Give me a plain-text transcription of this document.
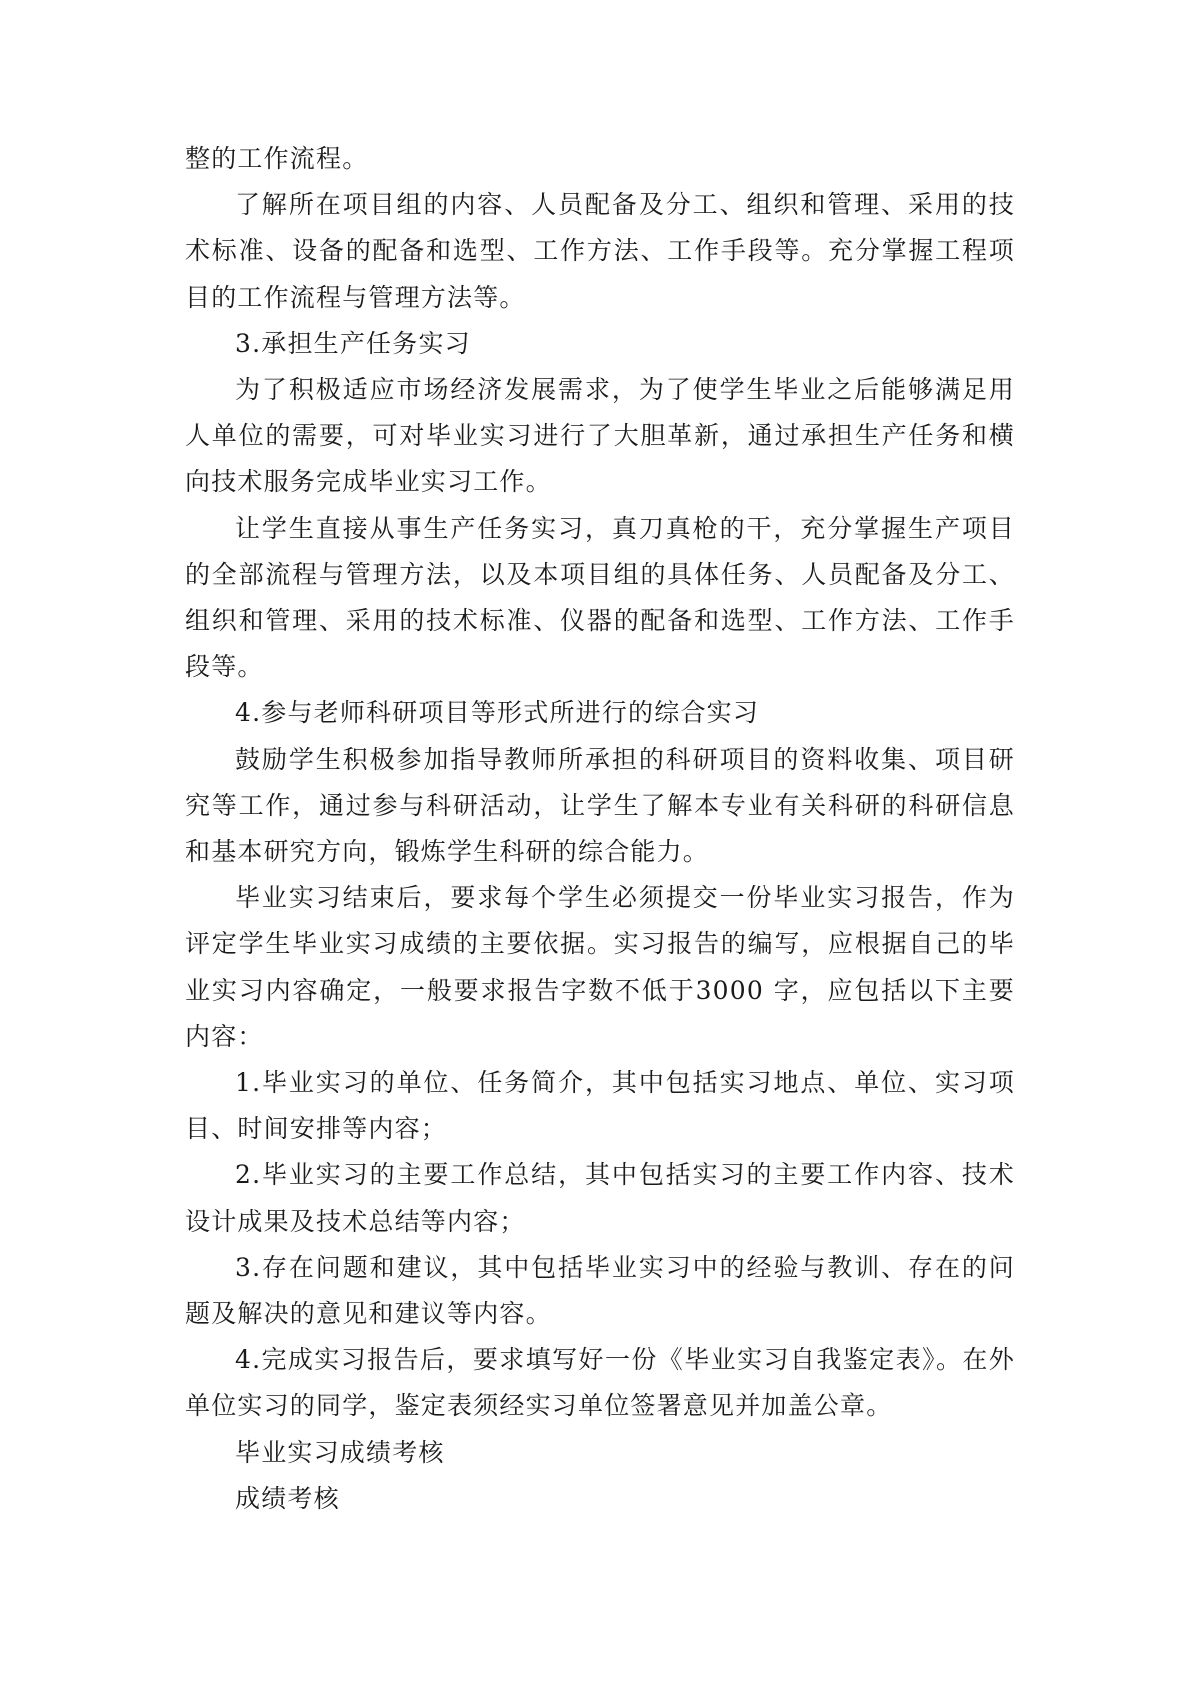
整的工作流程。

了解所在项目组的内容、人员配备及分工、组织和管理、采用的技术标准、设备的配备和选型、工作方法、工作手段等。充分掌握工程项目的工作流程与管理方法等。

3.承担生产任务实习

为了积极适应市场经济发展需求，为了使学生毕业之后能够满足用人单位的需要，可对毕业实习进行了大胆革新，通过承担生产任务和横向技术服务完成毕业实习工作。

让学生直接从事生产任务实习，真刀真枪的干，充分掌握生产项目的全部流程与管理方法，以及本项目组的具体任务、人员配备及分工、组织和管理、采用的技术标准、仪器的配备和选型、工作方法、工作手段等。

4.参与老师科研项目等形式所进行的综合实习

鼓励学生积极参加指导教师所承担的科研项目的资料收集、项目研究等工作，通过参与科研活动，让学生了解本专业有关科研的科研信息和基本研究方向，锻炼学生科研的综合能力。

毕业实习结束后，要求每个学生必须提交一份毕业实习报告，作为评定学生毕业实习成绩的主要依据。实习报告的编写，应根据自己的毕业实习内容确定，一般要求报告字数不低于3000 字，应包括以下主要内容：

1.毕业实习的单位、任务简介，其中包括实习地点、单位、实习项目、时间安排等内容；

2.毕业实习的主要工作总结，其中包括实习的主要工作内容、技术设计成果及技术总结等内容；

3.存在问题和建议，其中包括毕业实习中的经验与教训、存在的问题及解决的意见和建议等内容。

4.完成实习报告后，要求填写好一份《毕业实习自我鉴定表》。在外单位实习的同学，鉴定表须经实习单位签署意见并加盖公章。

毕业实习成绩考核

成绩考核
